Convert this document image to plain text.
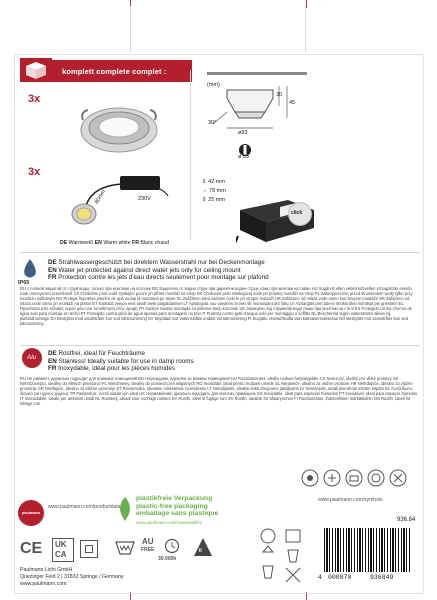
komplett complete complet :
3x
3x
(mm)
45
30
30°
ø93
ø 83
80mm	230V
⇕ 42 mm
⇔ 78 mm
⇕ 25 mm
click
DE Warmweiß EN Warm white FR Blanc chaud
IP65
DE Strahlwassergeschützt bei direktem Wasserstrahl nur bei Deckenmontage
EN Water jet protected against direct water jets only for ceiling mount
FR Protection contre les jets d'eau directs seulement pour montage sur plafond
RU с полной защитой от струй воды, только при монтаже на потолке BG Защитено от водни струи при директни водни струи, само при монтаж на таван HU Sugárvíz ellen védett közvetlen vízsugárzás esetén csak mennyezeti szerelésnél CS Chráněno proti vodě tryskající pouze při přímé montáži na strop SK Chránené proti striekajúcej vode pri priamej montáži na strop PL Zabezpieczone przed strumieniem wody tylko przy montażu sufitowym RO Protejat împotriva jeturilor de apă numai la montarea pe tavan SL Zaščiteno pred vodnimi curki le pri stropni montaži HR Zaštićeno od mlaza vode samo kod stropne montaže SR Zaštićeno od mlaza vode samo pri montaži na plafon ET Kaitstud veejoa eest ainult laele paigaldamisel LT Apsaugota nuo vandens srovės tik montuojant ant lubų LV Aizsargāts pret ūdens strūklu tikai montējot pie griestiem EL Προστασία από πίδακες νερού μόνο για τοποθέτηση στην οροφή TR Sadece tavana montajda su jetlerine karşı korumalı UK Захищено від струменів води лише при монтажі на стелі ES Protegido contra chorros de agua solo para montaje en techo PT Protegido contra jatos de água apenas para montagem no teto IT Protetto contro getti d'acqua solo per montaggio a soffitto NL Beschermd tegen waterstralen alleen bij plafondmontage DA Beskyttet mod vandstråler kun ved loftsmontering SV Skyddad mot vattenstrålar endast vid takmontering FI Suojattu vesisuihkuilta vain kattoasennuksessa NO Beskyttet mot vannstråler kun ved takmontering
Alu
DE Rostfrei, ideal für Feuchträume
EN Stainless! Ideally suitable for use in damp rooms
FR Inoxydable, idéal pour les pièces humides
RU Не ржавеет, идеально подходит для влажных помещений BG Неръждаем, идеален за влажни помещения HU Rozsdamentes, ideális nedves helyiségekbe CS Nerezový, ideální pro vlhké prostory SK Nehrdzavejúci, ideálny do vlhkých priestorov PL Nierdzewny, idealny do pomieszczeń wilgotnych RO Inoxidabil, ideal pentru încăperi umede SL Nerjaveče, idealno za vlažne prostore HR Nehrđajuće, idealno za vlažne prostorije SR Nerđajuće, idealno za vlažne prostorije ET Roostevaba, ideaalne niisketesse ruumidesse LT Nerūdijantis, idealiai tinka drėgnoms patalpoms LV Nerūsējošs, ideāli piemērots mitrām telpām EL Ανοξείδωτο, ιδανικό για υγρούς χώρους TR Paslanmaz, nemli odalar için ideal UK Нержавіючий, ідеально підходить для вологих приміщень ES Inoxidable, ideal para espacios húmedos PT Inoxidável, ideal para espaços húmidos IT Inossidabile, ideale per ambienti umidi NL Roestvrij, ideaal voor vochtige ruimtes DA Rustfri, ideel til fugtige rum SV Rostfri, idealisk för våtutrymmen FI Ruostumaton, ihanteellinen märkätiloihin NO Rustfri, ideell for fuktige rom
www.paulmann.com/symbols
936.84
paulmann
www.paulmann.com/productdata
plastikfreie Verpackung
plastic-free packaging
emballage sans plastique
www.paulmann.com/sustainability
CE UK
CA
AU
FREE
30.000h
II
Paulmann Licht GmbH
Quezinger Feld 2 | 31832 Springe / Germany
www.paulmann.com
4 000870	936849
